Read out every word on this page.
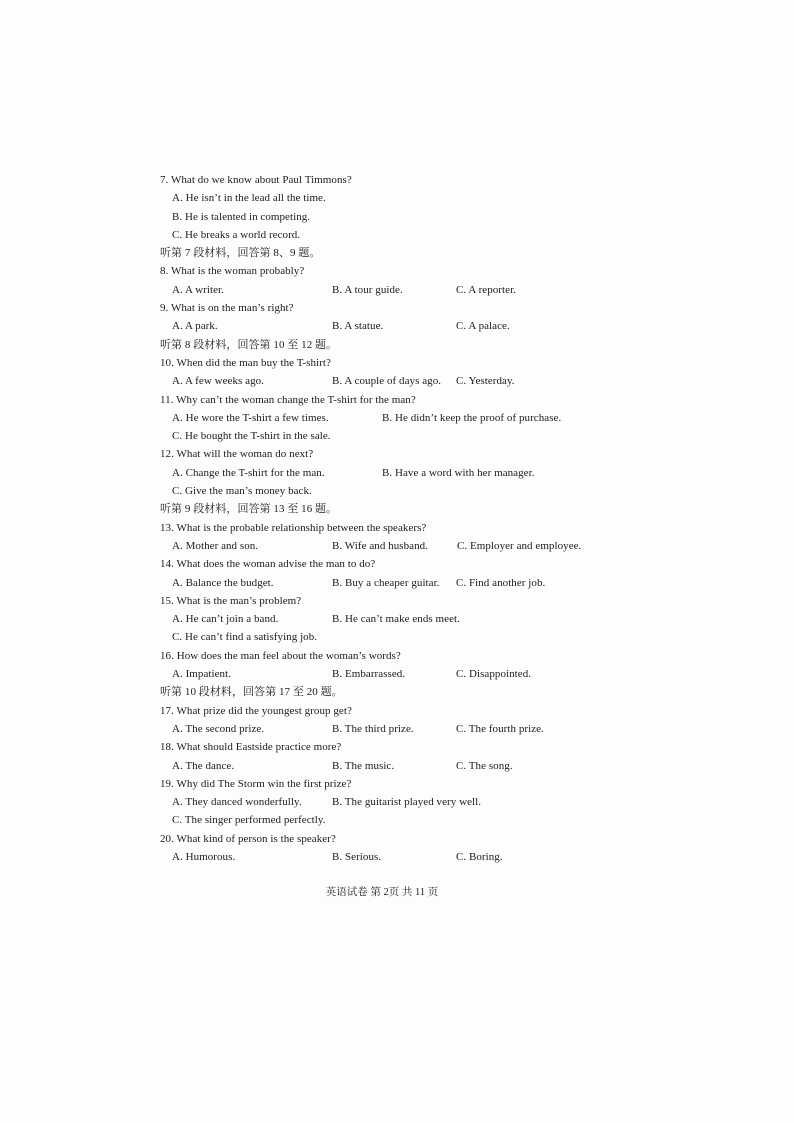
7. What do we know about Paul Timmons?
A. He isn’t in the lead all the time.
B. He is talented in competing.
C. He breaks a world record.
听第 7 段材料，回答第 8、9 题。
8. What is the woman probably?
A. A writer.	B. A tour guide.	C. A reporter.
9. What is on the man’s right?
A. A park.	B. A statue.	C. A palace.
听第 8 段材料，回答第 10 至 12 题。
10. When did the man buy the T-shirt?
A. A few weeks ago.	B. A couple of days ago. C. Yesterday.
11. Why can’t the woman change the T-shirt for the man?
A. He wore the T-shirt a few times.	B. He didn’t keep the proof of purchase.
C. He bought the T-shirt in the sale.
12. What will the woman do next?
A. Change the T-shirt for the man.	B. Have a word with her manager.
C. Give the man’s money back.
听第 9 段材料，回答第 13 至 16 题。
13. What is the probable relationship between the speakers?
A. Mother and son.	B. Wife and husband.	C. Employer and employee.
14. What does the woman advise the man to do?
A. Balance the budget.	B. Buy a cheaper guitar. C. Find another job.
15. What is the man’s problem?
A. He can’t join a band.	B. He can’t make ends meet.
C. He can’t find a satisfying job.
16. How does the man feel about the woman’s words?
A. Impatient.	B. Embarrassed.	C. Disappointed.
听第 10 段材料，回答第 17 至 20 题。
17. What prize did the youngest group get?
A. The second prize.	B. The third prize.	C. The fourth prize.
18. What should Eastside practice more?
A. The dance.	B. The music.	C. The song.
19. Why did The Storm win the first prize?
A. They danced wonderfully.	B. The guitarist played very well.
C. The singer performed perfectly.
20. What kind of person is the speaker?
A. Humorous.	B. Serious.	C. Boring.
英语试卷 第 2页 共 11 页
